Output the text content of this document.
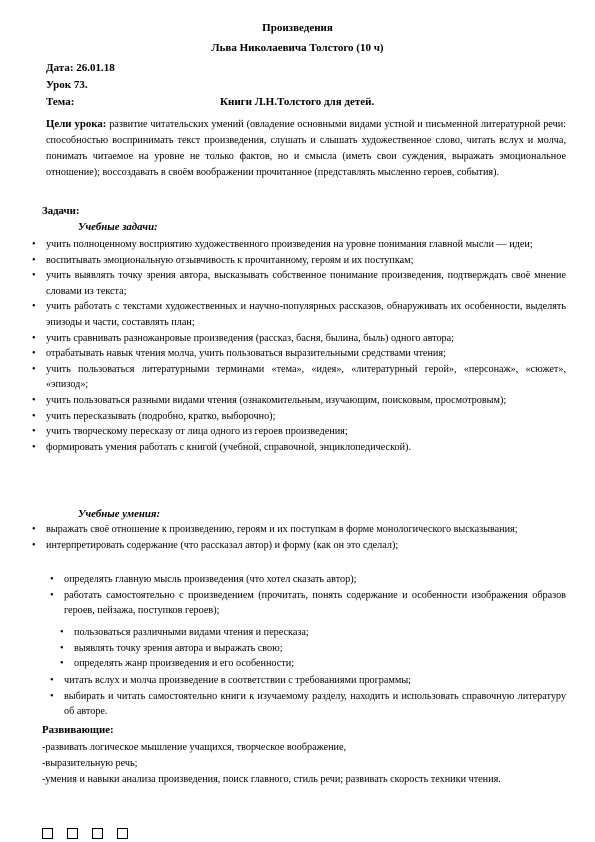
Произведения
Льва Николаевича Толстого (10 ч)
Дата: 26.01.18
Урок 73.
Тема:	Книги Л.Н.Толстого для детей.
Цели урока: развитие читательских умений (овладение основными видами устной и письменной литературной речи: способностью воспринимать текст произведения, слушать и слышать художественное слово, читать вслух и молча, понимать читаемое на уровне не только фактов, но и смысла (иметь свои суждения, выражать эмоциональное отношение); воссоздавать в своём воображении прочитанное (представлять мысленно героев, события).
Задачи:
Учебные задачи:
• учить полноценному восприятию художественного произведения на уровне понимания главной мысли — идеи;
• воспитывать эмоциональную отзывчивость к прочитанному, героям и их поступкам;
• учить выявлять точку зрения автора, высказывать собственное понимание произведения, подтверждать своё мнение словами из текста;
• учить работать с текстами художественных и научно-популярных рассказов, обнаруживать их особенности, выделять эпизоды и части, составлять план;
• учить сравнивать разножанровые произведения (рассказ, басня, былина, быль) одного автора;
• отрабатывать навык чтения молча, учить пользоваться выразительными средствами чтения;
• учить пользоваться литературными терминами «тема», «идея», «литературный герой», «персонаж», «сюжет», «эпизод»;
• учить пользоваться разными видами чтения (ознакомительным, изучающим, поисковым, просмотровым);
• учить пересказывать (подробно, кратко, выборочно);
• учить творческому пересказу от лица одного из героев произведения;
• формировать умения работать с книгой (учебной, справочной, энциклопедической).
Учебные умения:
• выражать своё отношение к произведению, героям и их поступкам в форме монологического высказывания;
• интерпретировать содержание (что рассказал автор) и форму (как он это сделал);
• определять главную мысль произведения (что хотел сказать автор);
• работать самостоятельно с произведением (прочитать, понять содержание и особенности изображения образов героев, пейзажа, поступков героев);
• пользоваться различными видами чтения и пересказа;
• выявлять точку зрения автора и выражать свою;
• определять жанр произведения и его особенности;
• читать вслух и молча произведение в соответствии с требованиями программы;
• выбирать и читать самостоятельно книги к изучаемому разделу, находить и использовать справочную литературу об авторе.
Развивающие:
-развивать логическое мышление учащихся, творческое воображение,
-выразительную речь;
-умения и навыки анализа произведения, поиск главного, стиль речи; развивать скорость техники чтения.
